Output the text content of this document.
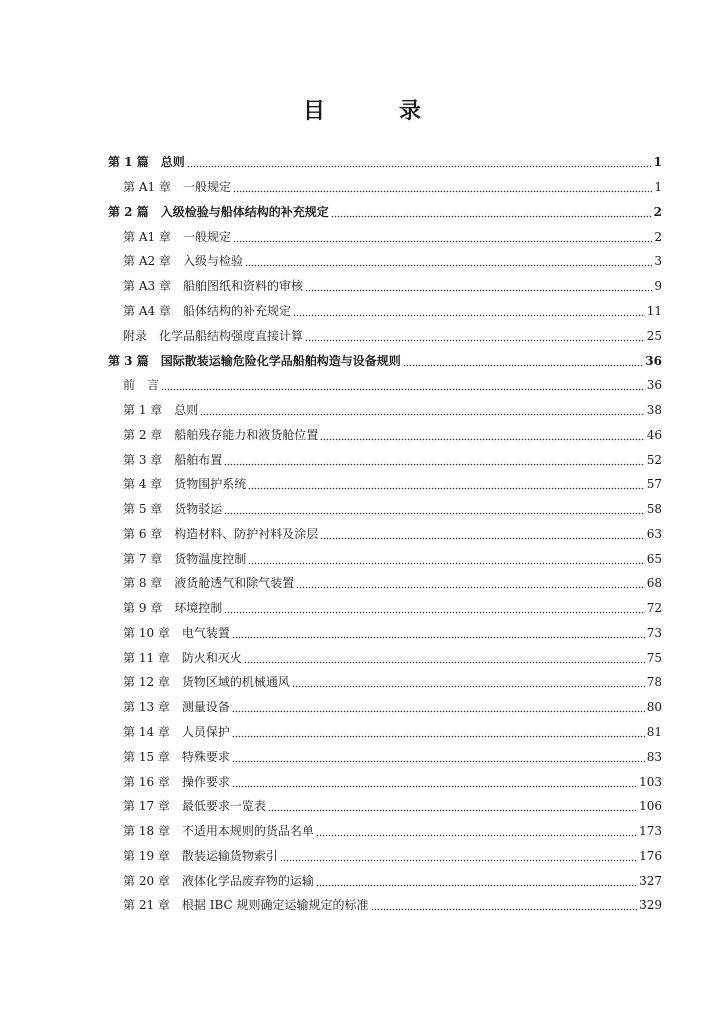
目　录
第 1 篇 总则	1
第 A1 章 一般规定	1
第 2 篇 入级检验与船体结构的补充规定	2
第 A1 章 一般规定	2
第 A2 章 入级与检验	3
第 A3 章 船舶图纸和资料的审核	9
第 A4 章 船体结构的补充规定	11
附录 化学品船结构强度直接计算	25
第 3 篇 国际散装运输危险化学品船舶构造与设备规则	36
前　言	36
第 1 章 总则	38
第 2 章 船舶残存能力和液货舱位置	46
第 3 章 船舶布置	52
第 4 章 货物围护系统	57
第 5 章 货物驳运	58
第 6 章 构造材料、防护衬料及涂层	63
第 7 章 货物温度控制	65
第 8 章 液货舱透气和除气装置	68
第 9 章 环境控制	72
第 10 章 电气装置	73
第 11 章 防火和灭火	75
第 12 章 货物区域的机械通风	78
第 13 章 测量设备	80
第 14 章 人员保护	81
第 15 章 特殊要求	83
第 16 章 操作要求	103
第 17 章 最低要求一览表	106
第 18 章 不适用本规则的货品名单	173
第 19 章 散装运输货物索引	176
第 20 章 液体化学品废弃物的运输	327
第 21 章 根据 IBC 规则确定运输规定的标准	329
